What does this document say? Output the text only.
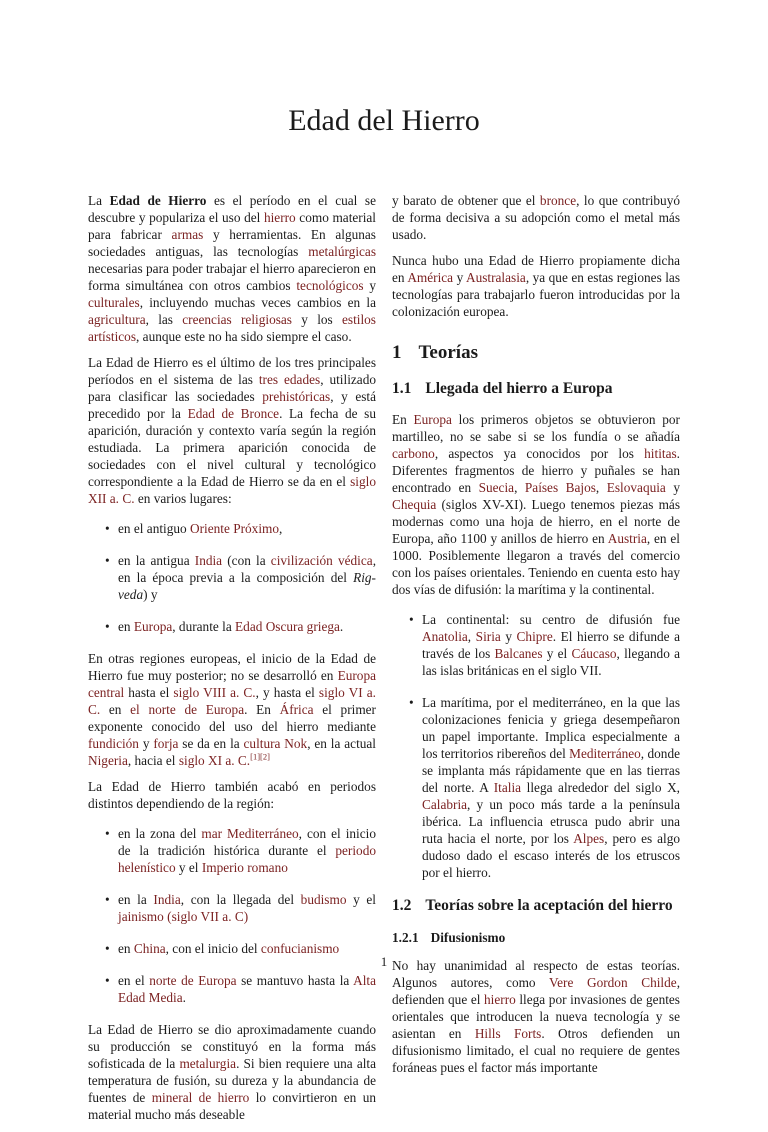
Edad del Hierro

La Edad de Hierro es el período en el cual se descubre y populariza el uso del hierro como material para fabricar armas y herramientas. En algunas sociedades antiguas, las tecnologías metalúrgicas necesarias para poder trabajar el hierro aparecieron en forma simultánea con otros cambios tecnológicos y culturales, incluyendo muchas veces cambios en la agricultura, las creencias religiosas y los estilos artísticos, aunque este no ha sido siempre el caso.

La Edad de Hierro es el último de los tres principales períodos en el sistema de las tres edades, utilizado para clasificar las sociedades prehistóricas, y está precedido por la Edad de Bronce. La fecha de su aparición, duración y contexto varía según la región estudiada. La primera aparición conocida de sociedades con el nivel cultural y tecnológico correspondiente a la Edad de Hierro se da en el siglo XII a. C. en varios lugares:

• en el antiguo Oriente Próximo,
• en la antigua India (con la civilización védica, en la época previa a la composición del Rig-veda) y
• en Europa, durante la Edad Oscura griega.

En otras regiones europeas, el inicio de la Edad de Hierro fue muy posterior; no se desarrolló en Europa central hasta el siglo VIII a. C., y hasta el siglo VI a. C. en el norte de Europa. En África el primer exponente conocido del uso del hierro mediante fundición y forja se da en la cultura Nok, en la actual Nigeria, hacia el siglo XI a. C.[1][2]

La Edad de Hierro también acabó en periodos distintos dependiendo de la región:

• en la zona del mar Mediterráneo, con el inicio de la tradición histórica durante el periodo helenístico y el Imperio romano
• en la India, con la llegada del budismo y el jainismo (siglo VII a. C)
• en China, con el inicio del confucianismo
• en el norte de Europa se mantuvo hasta la Alta Edad Media.

La Edad de Hierro se dio aproximadamente cuando su producción se constituyó en la forma más sofisticada de la metalurgia. Si bien requiere una alta temperatura de fusión, su dureza y la abundancia de fuentes de mineral de hierro lo convirtieron en un material mucho más deseable

y barato de obtener que el bronce, lo que contribuyó de forma decisiva a su adopción como el metal más usado.

Nunca hubo una Edad de Hierro propiamente dicha en América y Australasia, ya que en estas regiones las tecnologías para trabajarlo fueron introducidas por la colonización europea.

1 Teorías
1.1 Llegada del hierro a Europa

En Europa los primeros objetos se obtuvieron por martilleo, no se sabe si se los fundía o se añadía carbono, aspectos ya conocidos por los hititas. Diferentes fragmentos de hierro y puñales se han encontrado en Suecia, Países Bajos, Eslovaquia y Chequia (siglos XV-XI). Luego tenemos piezas más modernas como una hoja de hierro, en el norte de Europa, año 1100 y anillos de hierro en Austria, en el 1000. Posiblemente llegaron a través del comercio con los países orientales. Teniendo en cuenta esto hay dos vías de difusión: la marítima y la continental.

• La continental: su centro de difusión fue Anatolia, Siria y Chipre. El hierro se difunde a través de los Balcanes y el Cáucaso, llegando a las islas británicas en el siglo VII.
• La marítima, por el mediterráneo, en la que las colonizaciones fenicia y griega desempeñaron un papel importante. Implica especialmente a los territorios ribereños del Mediterráneo, donde se implanta más rápidamente que en las tierras del norte. A Italia llega alrededor del siglo X, Calabria, y un poco más tarde a la península ibérica. La influencia etrusca pudo abrir una ruta hacia el norte, por los Alpes, pero es algo dudoso dado el escaso interés de los etruscos por el hierro.
1.2 Teorías sobre la aceptación del hierro
1.2.1 Difusionismo

No hay unanimidad al respecto de estas teorías. Algunos autores, como Vere Gordon Childe, defienden que el hierro llega por invasiones de gentes orientales que introducen la nueva tecnología y se asientan en Hills Forts. Otros defienden un difusionismo limitado, el cual no requiere de gentes foráneas pues el factor más importante

1
